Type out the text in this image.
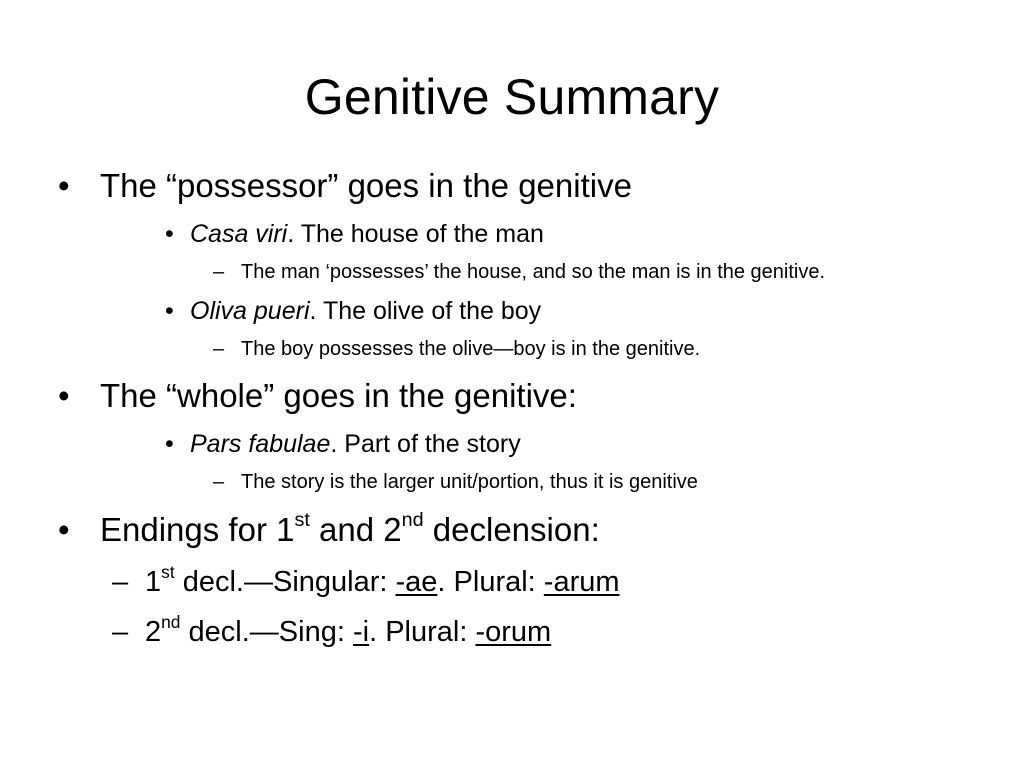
Genitive Summary
• The “possessor” goes in the genitive
• Casa viri. The house of the man
– The man ‘possesses’ the house, and so the man is in the genitive.
• Oliva pueri. The olive of the boy
– The boy possesses the olive—boy is in the genitive.
• The “whole” goes in the genitive:
• Pars fabulae. Part of the story
– The story is the larger unit/portion, thus it is genitive
• Endings for 1st and 2nd declension:
– 1st decl.—Singular: -ae. Plural: -arum
– 2nd decl.—Sing: -i. Plural: -orum
